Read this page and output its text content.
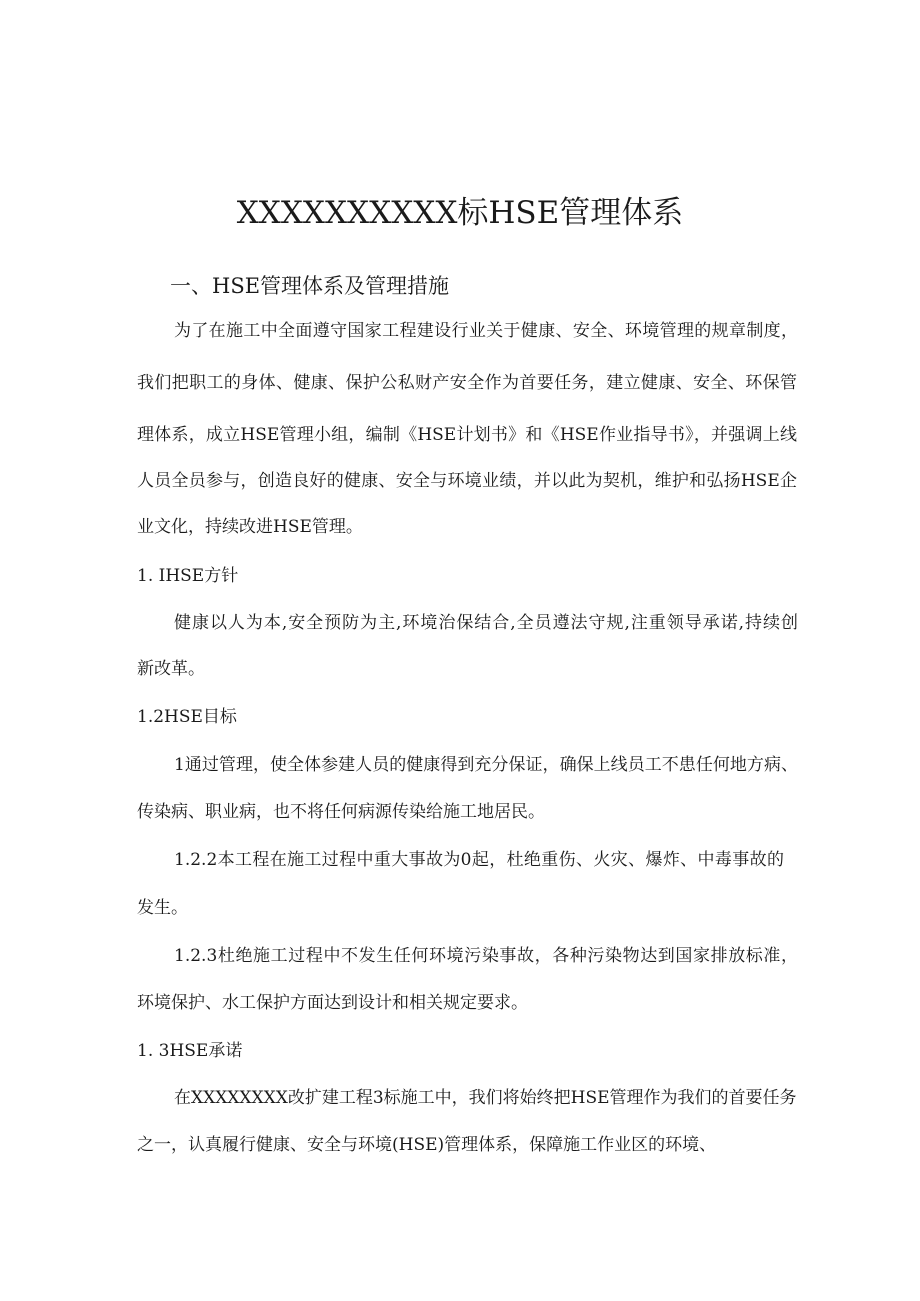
XXXXXXXXXX标HSE管理体系
一、HSE管理体系及管理措施
为了在施工中全面遵守国家工程建设行业关于健康、安全、环境管理的规章制度，
我们把职工的身体、健康、保护公私财产安全作为首要任务，建立健康、安全、环保管
理体系，成立HSE管理小组，编制《HSE计划书》和《HSE作业指导书》，并强调上线
人员全员参与，创造良好的健康、安全与环境业绩，并以此为契机，维护和弘扬HSE企
业文化，持续改进HSE管理。
1. IHSE方针
健康以人为本,安全预防为主,环境治保结合,全员遵法守规,注重领导承诺,持续创
新改革。
1.2HSE目标
1通过管理，使全体参建人员的健康得到充分保证，确保上线员工不患任何地方病、
传染病、职业病，也不将任何病源传染给施工地居民。
1.2.2本工程在施工过程中重大事故为0起，杜绝重伤、火灾、爆炸、中毒事故的
发生。
1.2.3杜绝施工过程中不发生任何环境污染事故，各种污染物达到国家排放标准，
环境保护、水工保护方面达到设计和相关规定要求。
1. 3HSE承诺
在XXXXXXXX改扩建工程3标施工中，我们将始终把HSE管理作为我们的首要任务
之一，认真履行健康、安全与环境(HSE)管理体系，保障施工作业区的环境、
